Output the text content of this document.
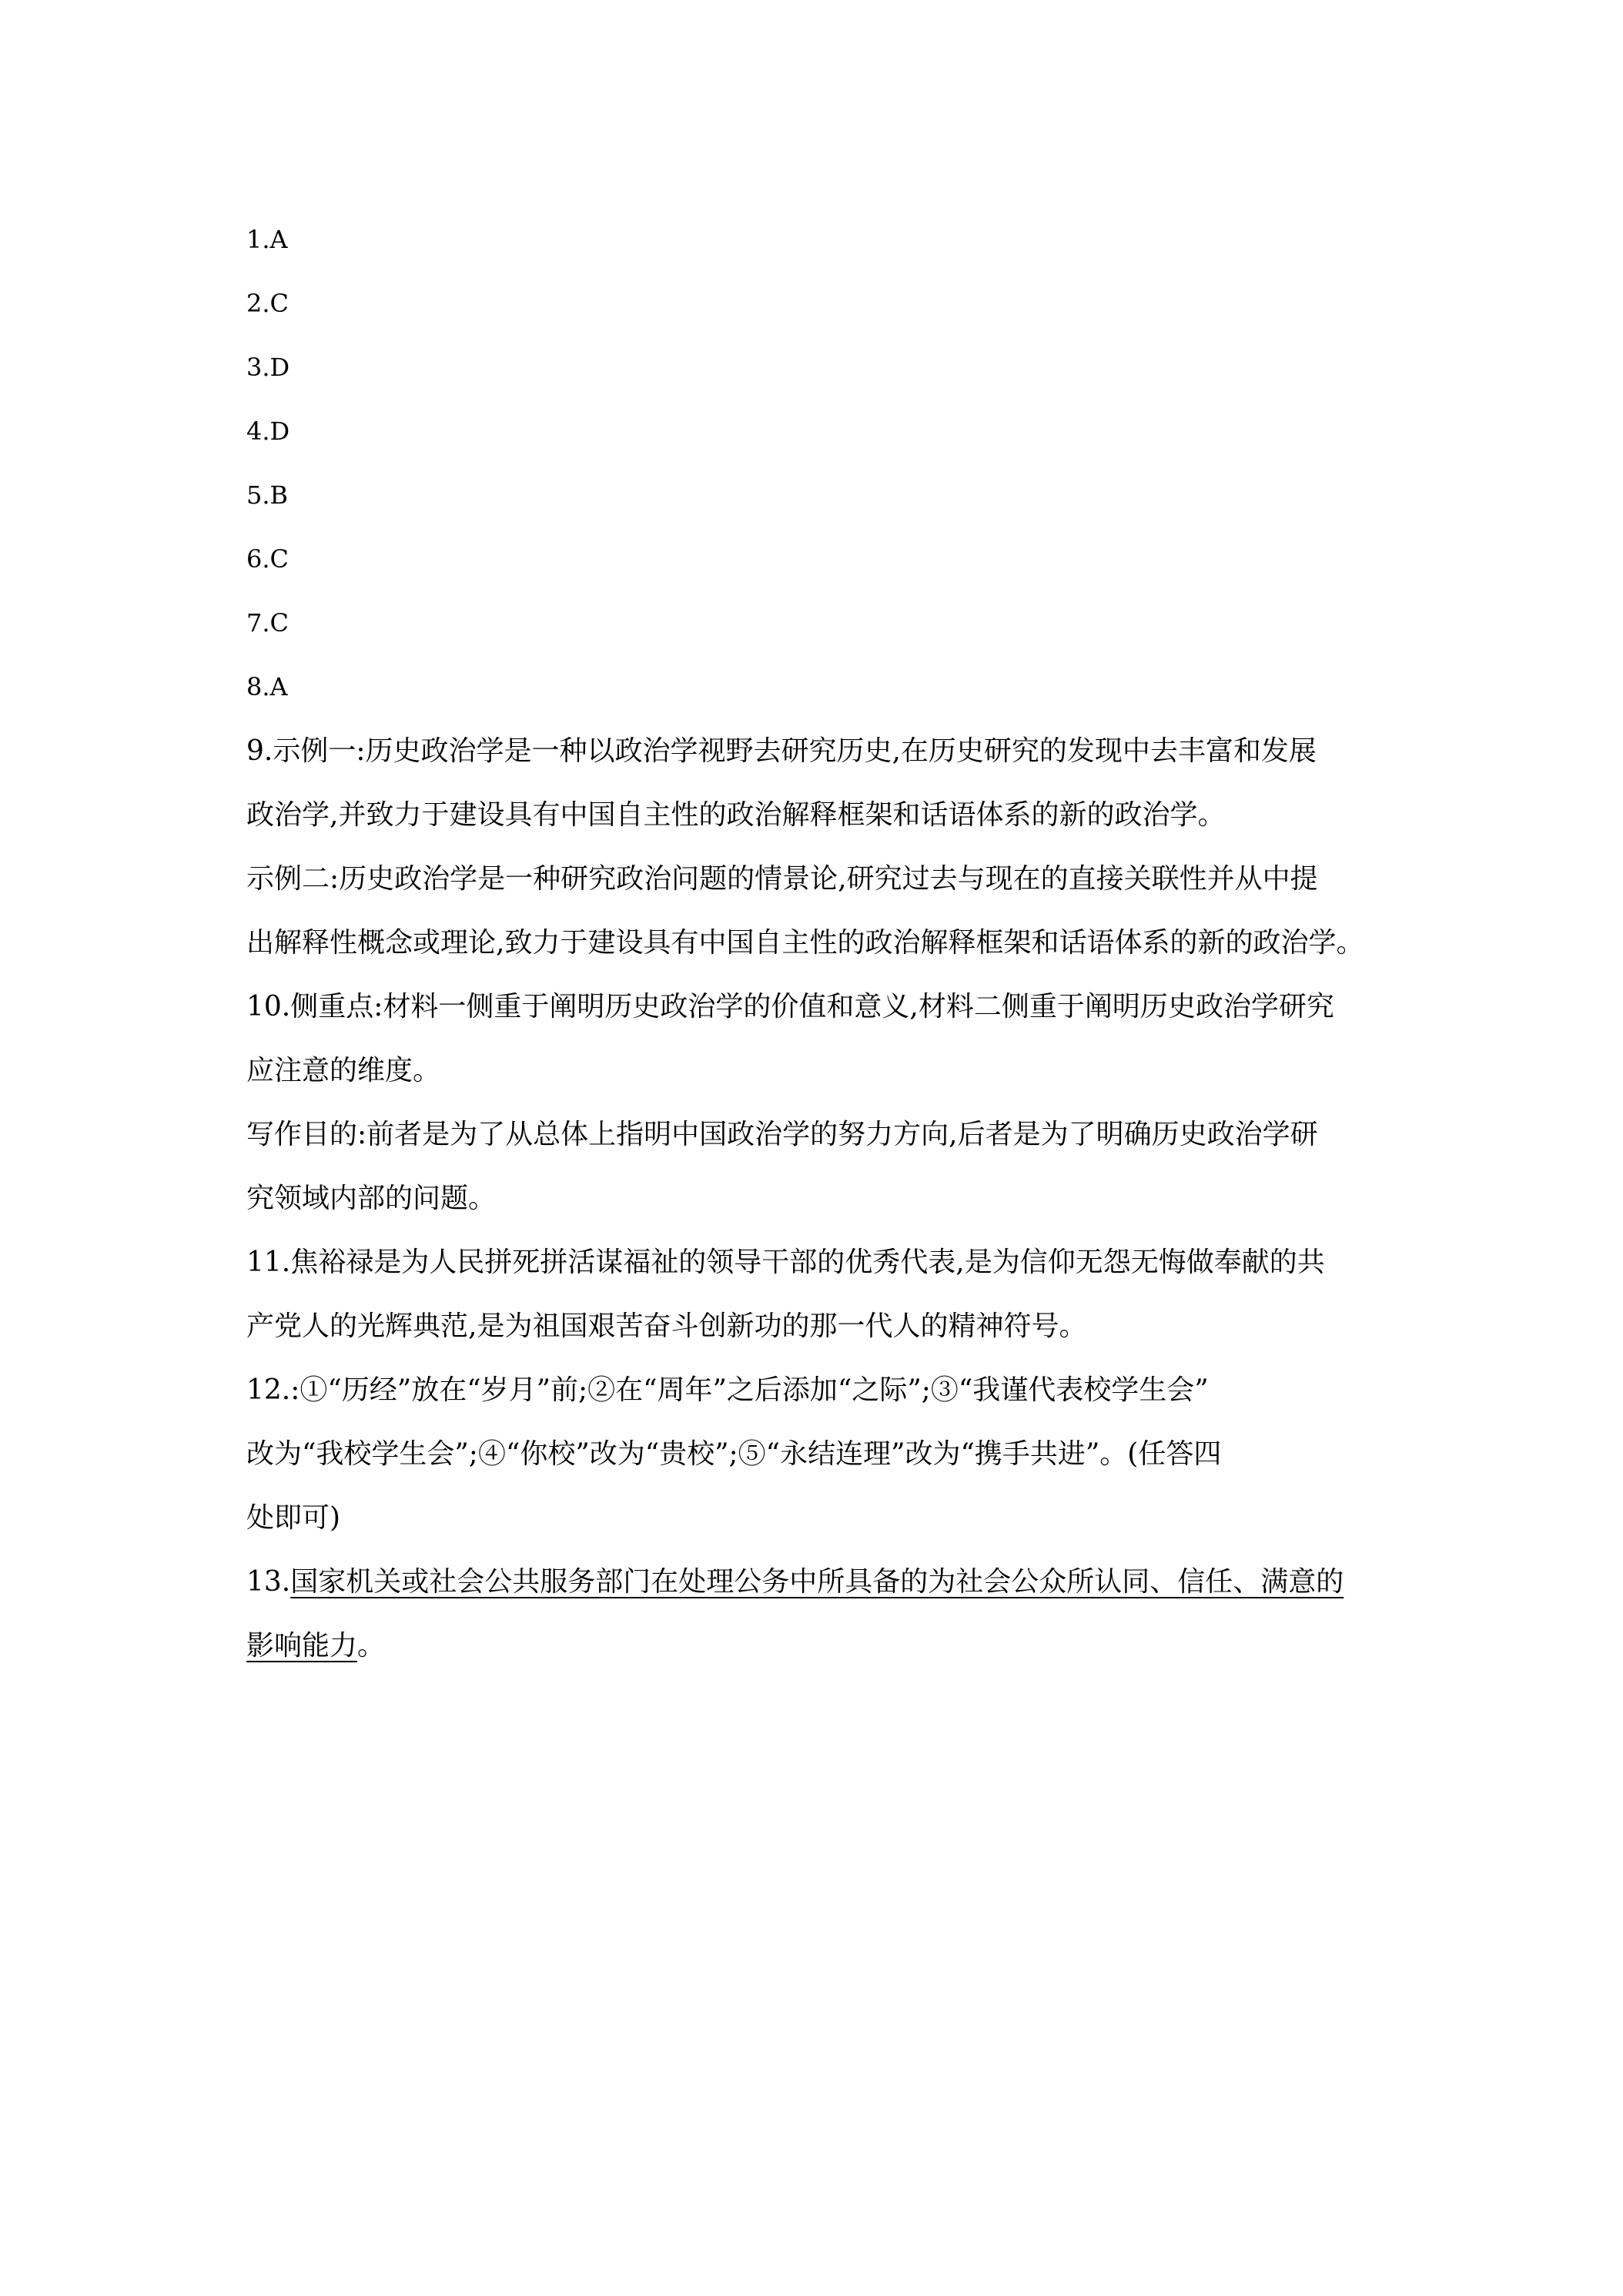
1.A
2.C
3.D
4.D
5.B
6.C
7.C
8.A
9.示例一:历史政治学是一种以政治学视野去研究历史,在历史研究的发现中去丰富和发展
政治学,并致力于建设具有中国自主性的政治解释框架和话语体系的新的政治学。
示例二:历史政治学是一种研究政治问题的情景论,研究过去与现在的直接关联性并从中提
出解释性概念或理论,致力于建设具有中国自主性的政治解释框架和话语体系的新的政治学。
10.侧重点:材料一侧重于阐明历史政治学的价值和意义,材料二侧重于阐明历史政治学研究
应注意的维度。
写作目的:前者是为了从总体上指明中国政治学的努力方向,后者是为了明确历史政治学研
究领域内部的问题。
11.焦裕禄是为人民拼死拼活谋福祉的领导干部的优秀代表,是为信仰无怨无悔做奉献的共
产党人的光辉典范,是为祖国艰苦奋斗创新功的那一代人的精神符号。
12.:①“历经”放在“岁月”前;②在“周年”之后添加“之际”;③“我谨代表校学生会”
改为“我校学生会”;④“你校”改为“贵校”;⑤“永结连理”改为“携手共进”。(任答四
处即可)
13.国家机关或社会公共服务部门在处理公务中所具备的为社会公众所认同、信任、满意的
影响能力。
